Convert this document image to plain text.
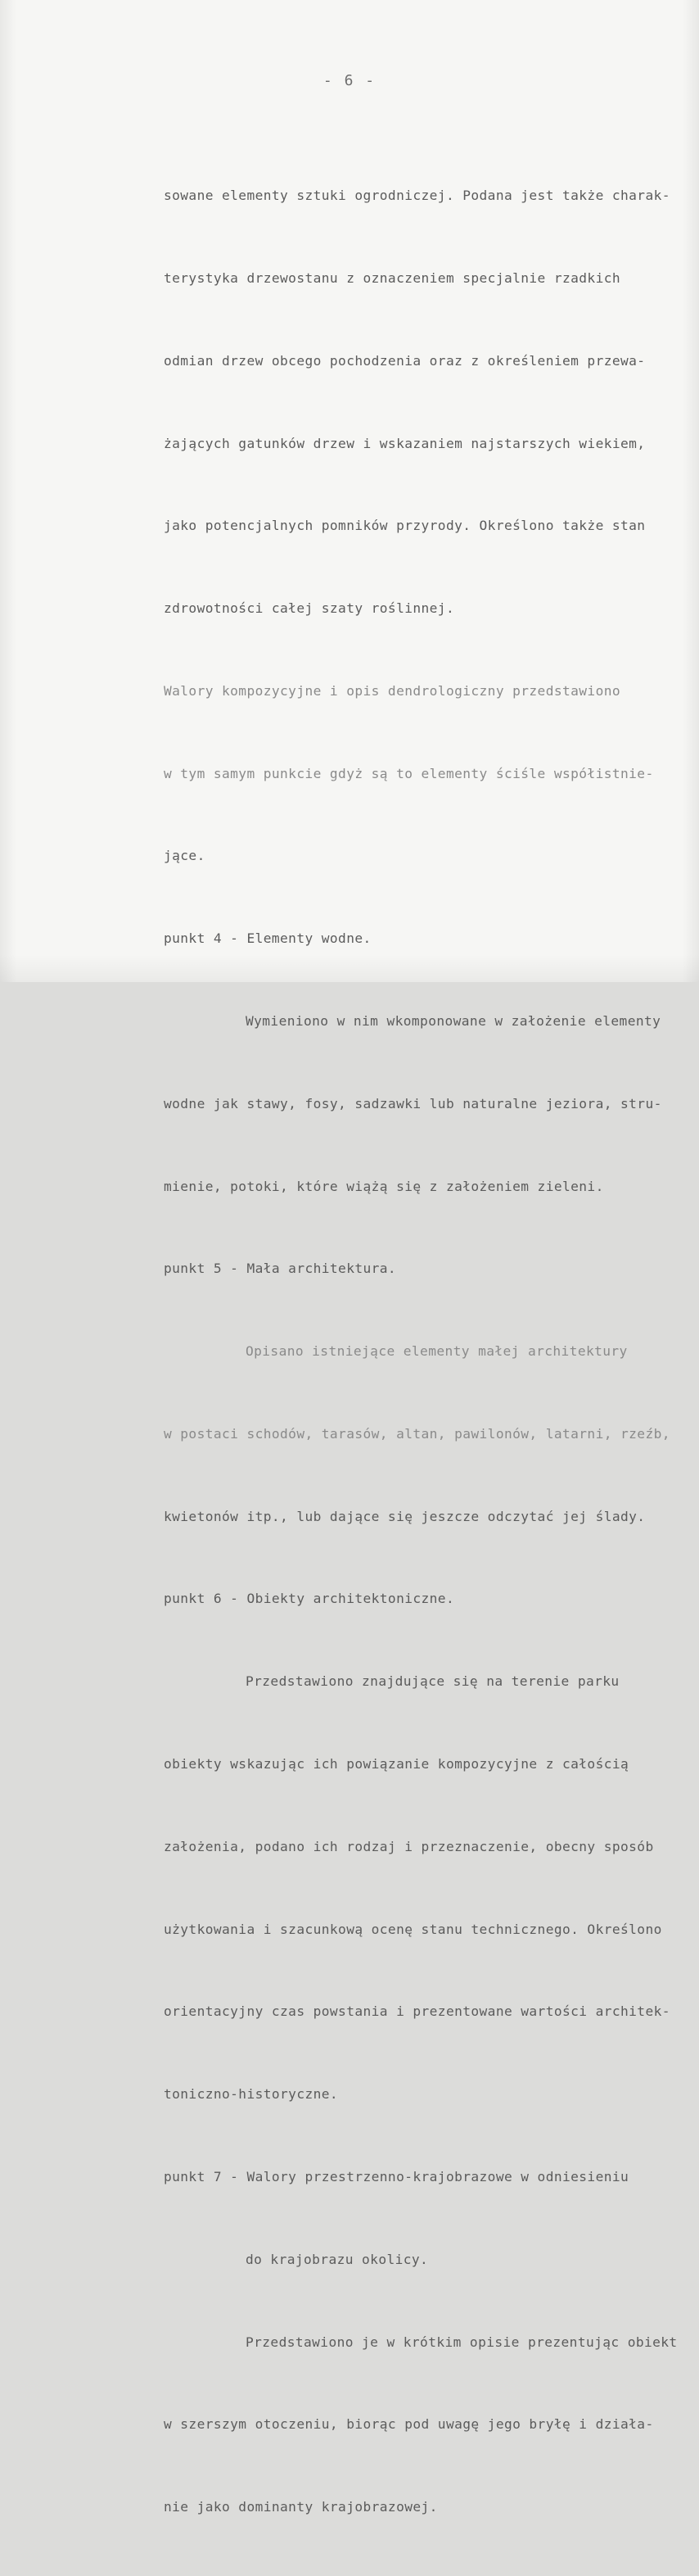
- 6 -

sowane elementy sztuki ogrodniczej. Podana jest także charak-

terystyka drzewostanu z oznaczeniem specjalnie rzadkich

odmian drzew obcego pochodzenia oraz z określeniem przewa-

żających gatunków drzew i wskazaniem najstarszych wiekiem,

jako potencjalnych pomników przyrody. Określono także stan

zdrowotności całej szaty roślinnej.

Walory kompozycyjne i opis dendrologiczny przedstawiono

w tym samym punkcie gdyż są to elementy ściśle współistnie-

jące.

punkt 4 - Elementy wodne.

Wymieniono w nim wkomponowane w założenie elementy

wodne jak stawy, fosy, sadzawki lub naturalne jeziora, stru-

mienie, potoki, które wiążą się z założeniem zieleni.

punkt 5 - Mała architektura.

Opisano istniejące elementy małej architektury

w postaci schodów, tarasów, altan, pawilonów, latarni, rzeźb,

kwietonów itp., lub dające się jeszcze odczytać jej ślady.

punkt 6 - Obiekty architektoniczne.

Przedstawiono znajdujące się na terenie parku

obiekty wskazując ich powiązanie kompozycyjne z całością

założenia, podano ich rodzaj i przeznaczenie, obecny sposób

użytkowania i szacunkową ocenę stanu technicznego. Określono

orientacyjny czas powstania i prezentowane wartości architek-

toniczno-historyczne.

punkt 7 - Walory przestrzenno-krajobrazowe w odniesieniu

do krajobrazu okolicy.

Przedstawiono je w krótkim opisie prezentując obiekt

w szerszym otoczeniu, biorąc pod uwagę jego bryłę i działa-

nie jako dominanty krajobrazowej.
